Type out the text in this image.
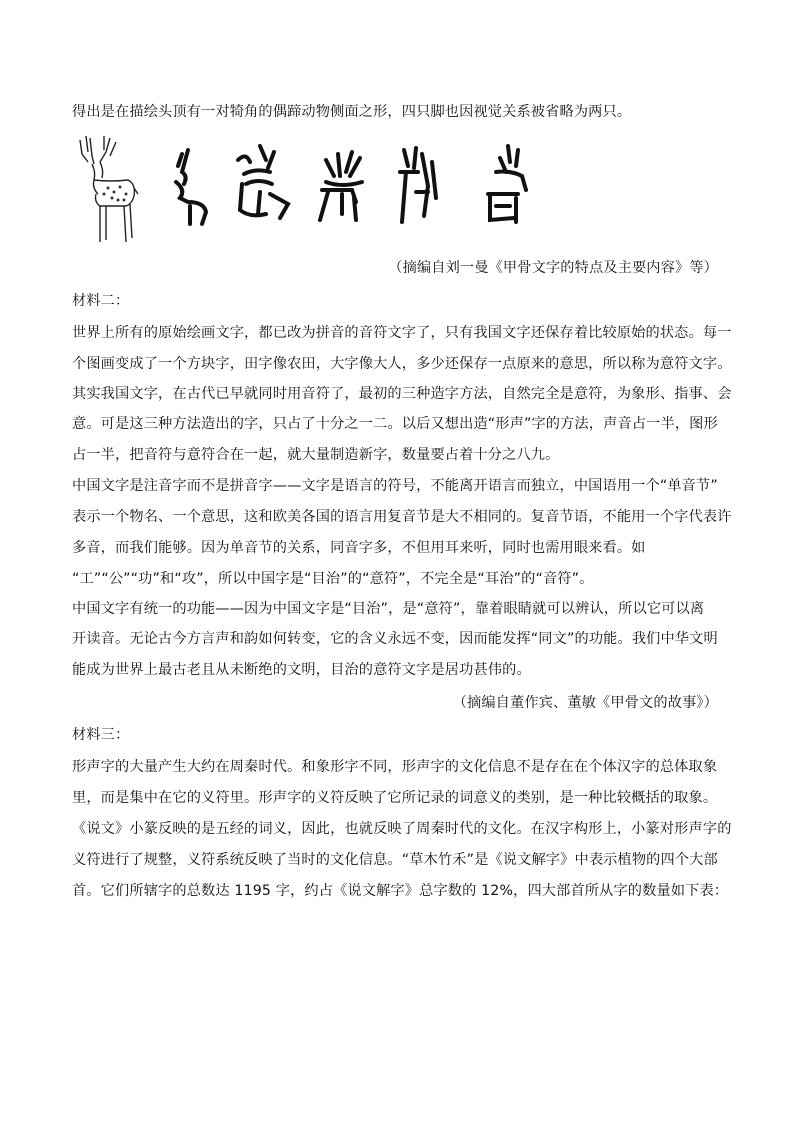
得出是在描绘头顶有一对犄角的偶蹄动物侧面之形，四只脚也因视觉关系被省略为两只。
（摘编自刘一曼《甲骨文字的特点及主要内容》等）
材料二：
世界上所有的原始绘画文字，都已改为拼音的音符文字了，只有我国文字还保存着比较原始的状态。每一
个图画变成了一个方块字，田字像农田，大字像大人，多少还保存一点原来的意思，所以称为意符文字。
其实我国文字，在古代已早就同时用音符了，最初的三种造字方法，自然完全是意符，为象形、指事、会
意。可是这三种方法造出的字，只占了十分之一二。以后又想出造“形声”字的方法，声音占一半，图形
占一半，把音符与意符合在一起，就大量制造新字，数量要占着十分之八九。
中国文字是注音字而不是拼音字——文字是语言的符号，不能离开语言而独立，中国语用一个“单音节”
表示一个物名、一个意思，这和欧美各国的语言用复音节是大不相同的。复音节语，不能用一个字代表许
多音，而我们能够。因为单音节的关系，同音字多，不但用耳来听，同时也需用眼来看。如
“工”“公”“功”和“攻”，所以中国字是“目治”的“意符”，不完全是“耳治”的“音符”。
中国文字有统一的功能——因为中国文字是“目治”，是“意符”，靠着眼睛就可以辨认，所以它可以离
开读音。无论古今方言声和韵如何转变，它的含义永远不变，因而能发挥“同文”的功能。我们中华文明
能成为世界上最古老且从未断绝的文明，目治的意符文字是居功甚伟的。
（摘编自董作宾、董敏《甲骨文的故事》）
材料三：
形声字的大量产生大约在周秦时代。和象形字不同，形声字的文化信息不是存在在个体汉字的总体取象
里，而是集中在它的义符里。形声字的义符反映了它所记录的词意义的类别，是一种比较概括的取象。
《说文》小篆反映的是五经的词义，因此，也就反映了周秦时代的文化。在汉字构形上，小篆对形声字的
义符进行了规整，义符系统反映了当时的文化信息。“草木竹禾”是《说文解字》中表示植物的四个大部
首。它们所辖字的总数达 1195 字，约占《说文解字》总字数的 12%，四大部首所从字的数量如下表：
